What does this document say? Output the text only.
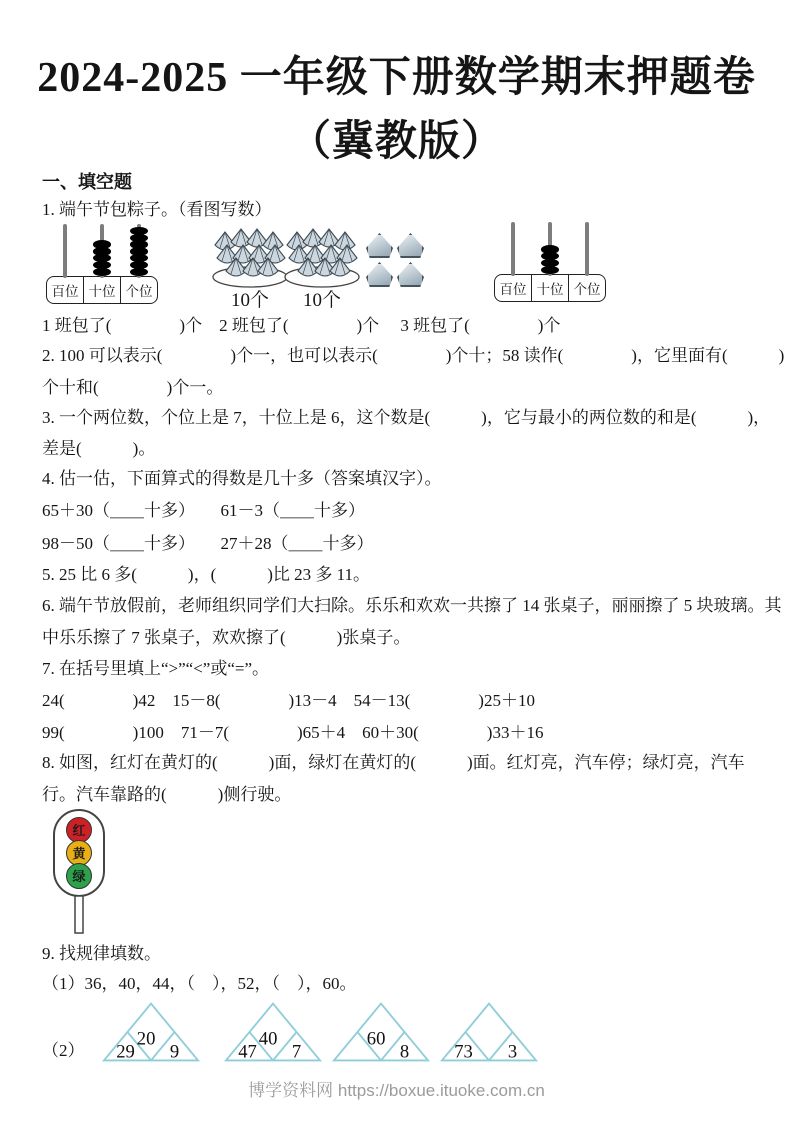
2024-2025 一年级下册数学期末押题卷
（冀教版）
一、填空题
1. 端午节包粽子。（看图写数）
百位 十位 个位	10个	10个
百位 十位 个位
1 班包了(　　　　)个　2 班包了(　　　　)个　 3 班包了(　　　　)个
2. 100 可以表示(　　　　)个一，也可以表示(　　　　)个十；58 读作(　　　　)，它里面有(　　　)
个十和(　　　　)个一。
3. 一个两位数，个位上是 7，十位上是 6，这个数是(　　　)，它与最小的两位数的和是(　　　)，
差是(　　　)。
4. 估一估，下面算式的得数是几十多（答案填汉字）。
65＋30（＿＿十多）　　61－3（＿＿十多）
98－50（＿＿十多）　　27＋28（＿＿十多）
5. 25 比 6 多(　　　)，(　　　)比 23 多 11。
6. 端午节放假前，老师组织同学们大扫除。乐乐和欢欢一共擦了 14 张桌子，丽丽擦了 5 块玻璃。其
中乐乐擦了 7 张桌子，欢欢擦了(　　　)张桌子。
7. 在括号里填上“>”“<”或“=”。
24(　　　　)42　15－8(　　　　)13－4　54－13(　　　　)25＋10
99(　　　　)100　71－7(　　　　)65＋4　60＋30(　　　　)33＋16
8. 如图，红灯在黄灯的(　　　)面，绿灯在黄灯的(　　　)面。红灯亮，汽车停；绿灯亮，汽车
行。汽车靠路的(　　　)侧行驶。
红
黄
绿
9. 找规律填数。
（1）36，40，44，（　），52，（　），60。
（2）
20
29 9
40
47 7
60
8 73 3
博学资料网 https://boxue.ituoke.com.cn
